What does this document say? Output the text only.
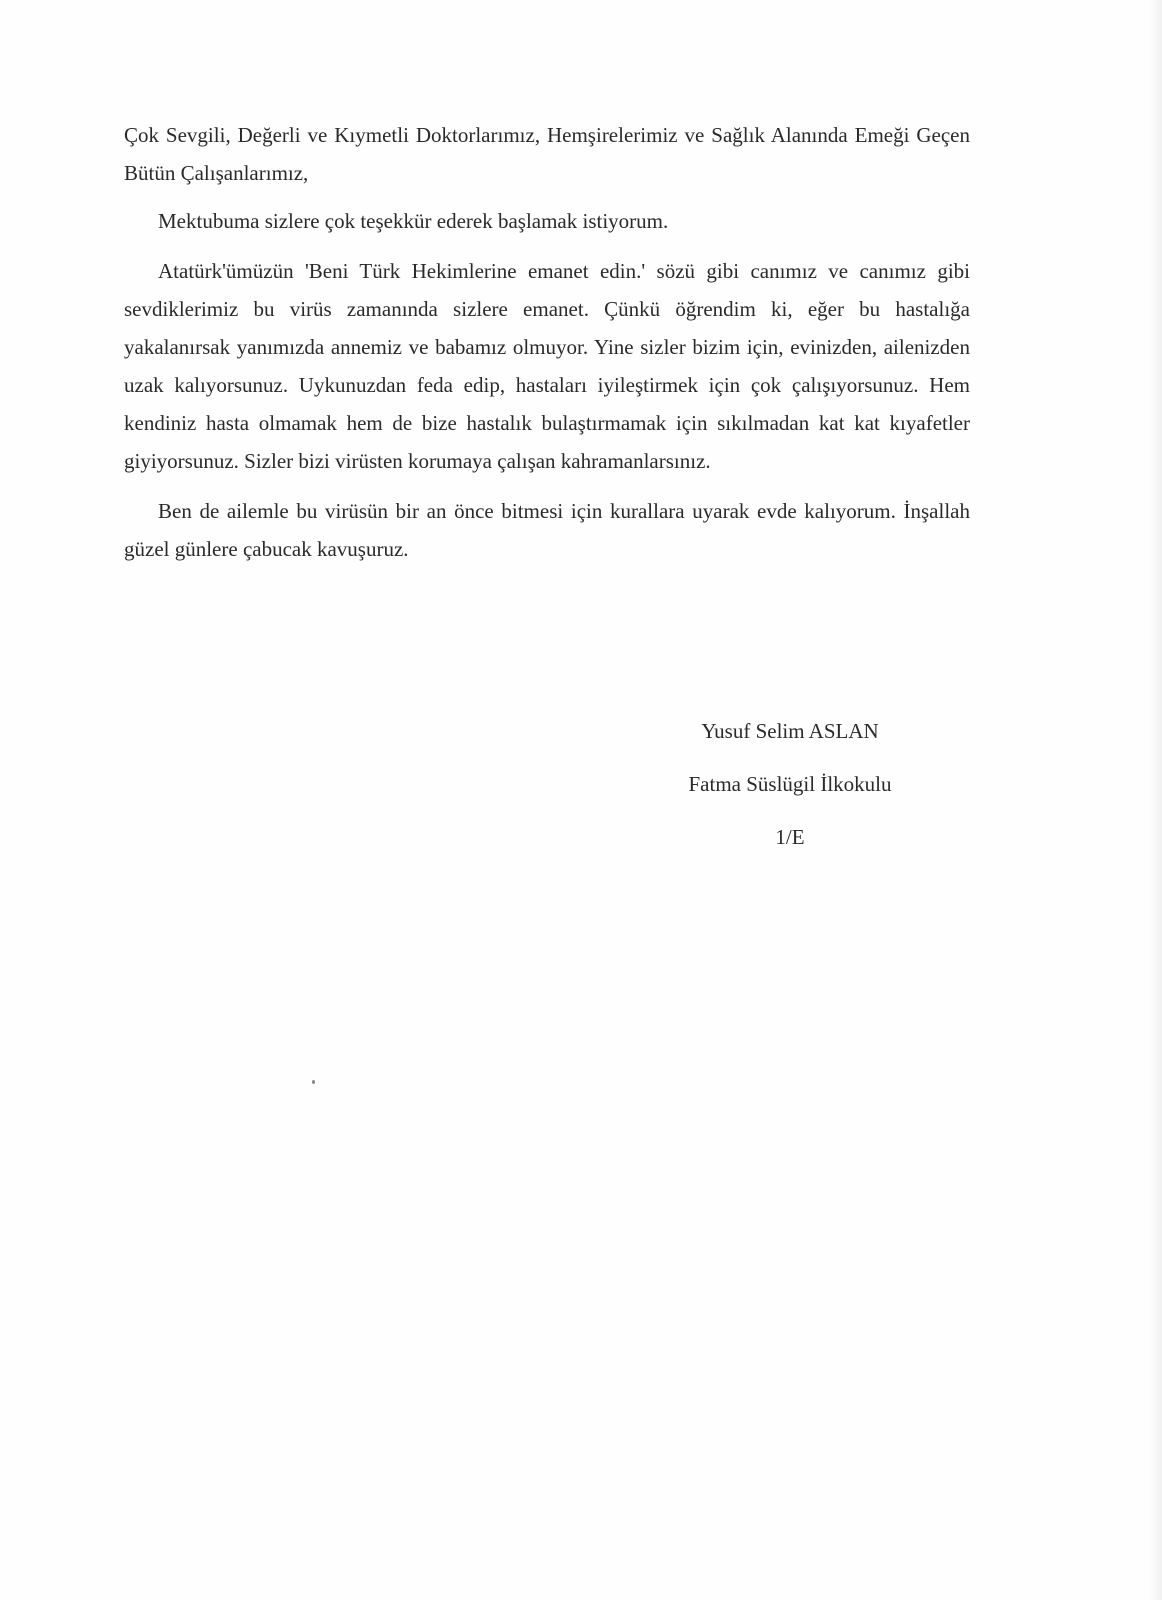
Çok Sevgili, Değerli ve Kıymetli Doktorlarımız, Hemşirelerimiz ve Sağlık Alanında Emeği Geçen Bütün Çalışanlarımız,

Mektubuma sizlere çok teşekkür ederek başlamak istiyorum.

Atatürk'ümüzün 'Beni Türk Hekimlerine emanet edin.' sözü gibi canımız ve canımız gibi sevdiklerimiz bu virüs zamanında sizlere emanet. Çünkü öğrendim ki, eğer bu hastalığa yakalanırsak yanımızda annemiz ve babamız olmuyor. Yine sizler bizim için, evinizden, ailenizden uzak kalıyorsunuz. Uykunuzdan feda edip, hastaları iyileştirmek için çok çalışıyorsunuz. Hem kendiniz hasta olmamak hem de bize hastalık bulaştırmamak için sıkılmadan kat kat kıyafetler giyiyorsunuz. Sizler bizi virüsten korumaya çalışan kahramanlarsınız.

Ben de ailemle bu virüsün bir an önce bitmesi için kurallara uyarak evde kalıyorum. İnşallah güzel günlere çabucak kavuşuruz.

Yusuf Selim ASLAN
Fatma Süslügil İlkokulu
1/E
